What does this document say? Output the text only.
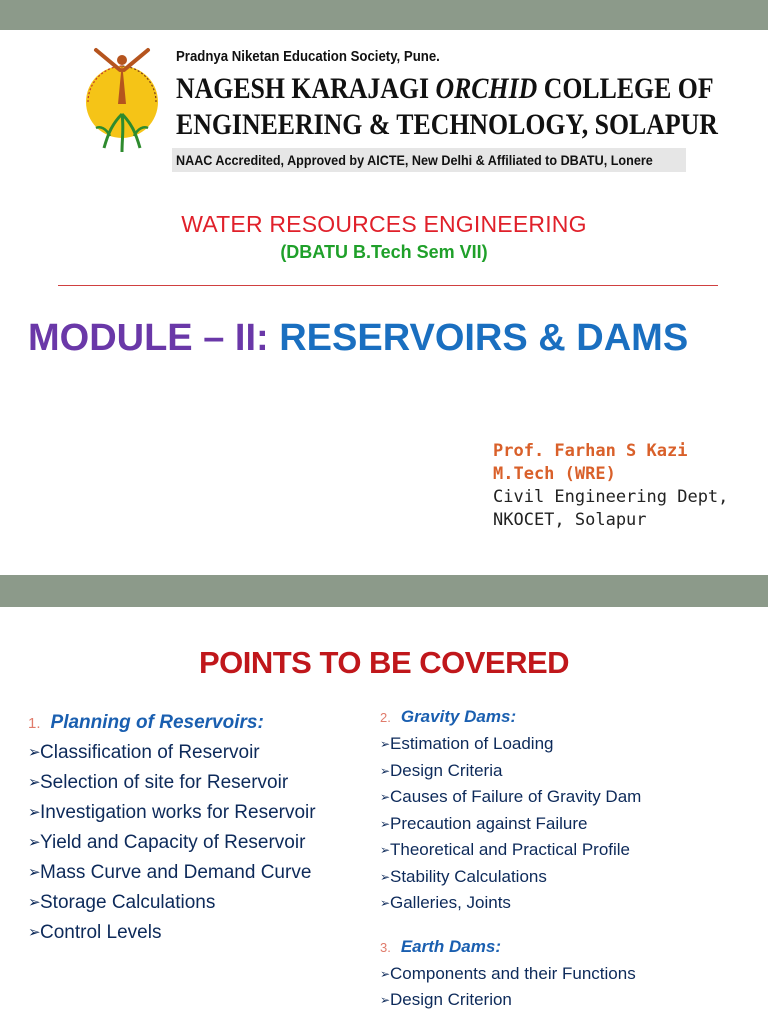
Pradnya Niketan Education Society, Pune.
NAGESH KARAJAGI ORCHID COLLEGE OF
ENGINEERING & TECHNOLOGY, SOLAPUR
NAAC Accredited, Approved by AICTE, New Delhi & Affiliated to DBATU, Lonere
WATER RESOURCES ENGINEERING
(DBATU B.Tech Sem VII)
MODULE – II: RESERVOIRS & DAMS
Prof. Farhan S Kazi
M.Tech (WRE)
Civil Engineering Dept,
NKOCET, Solapur
POINTS TO BE COVERED
1. Planning of Reservoirs:
➢ Classification of Reservoir
➢ Selection of site for Reservoir
➢ Investigation works for Reservoir
➢ Yield and Capacity of Reservoir
➢ Mass Curve and Demand Curve
➢ Storage Calculations
➢ Control Levels
2. Gravity Dams:
➢ Estimation of Loading
➢ Design Criteria
➢ Causes of Failure of Gravity Dam
➢ Precaution against Failure
➢ Theoretical and Practical Profile
➢ Stability Calculations
➢ Galleries, Joints
3. Earth Dams:
➢ Components and their Functions
➢ Design Criterion
